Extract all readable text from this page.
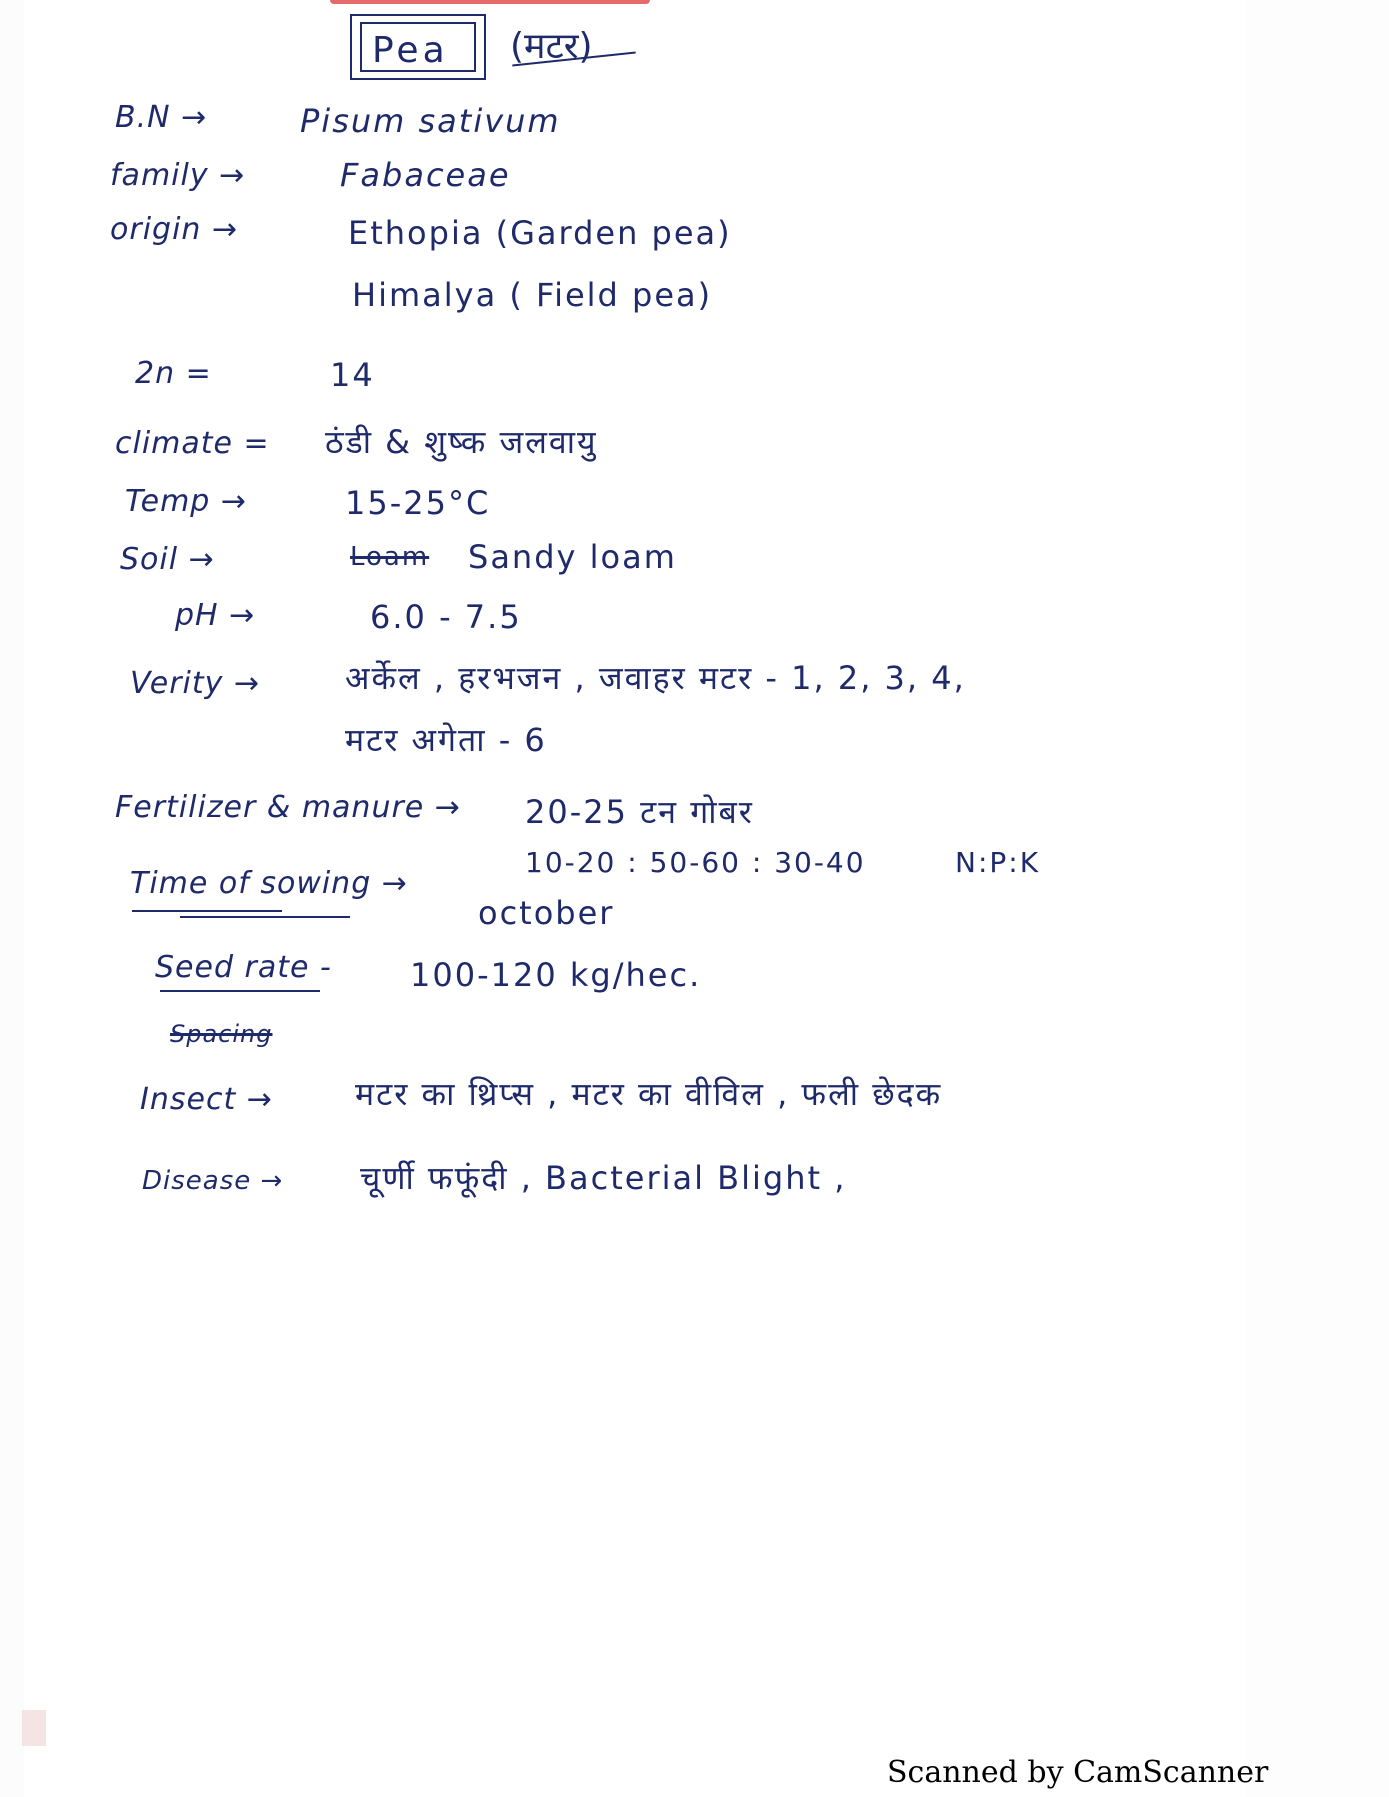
Pea (मटर)
B.N →	Pisum sativum
family →	Fabaceae
origin →	Ethopia (Garden pea)
Himalya ( Field pea)
2n =	14
climate = ठंडी & शुष्क जलवायु
Temp →	15-25°C
Soil →	Loam Sandy loam
pH →	6.0 - 7.5
Verity →	अर्केल , हरभजन , जवाहर मटर - 1, 2, 3, 4,
मटर अगेता - 6
Fertilizer & manure → 20-25 टन गोबर
10-20 : 50-60 : 30-40	N:P:K
Time of sowing →
october
Seed rate - 100-120 kg/hec.
Spacing
Insect →	मटर का थ्रिप्स , मटर का वीविल , फली छेदक
Disease → चूर्णी फफूंदी , Bacterial Blight ,
Scanned by CamScanner
